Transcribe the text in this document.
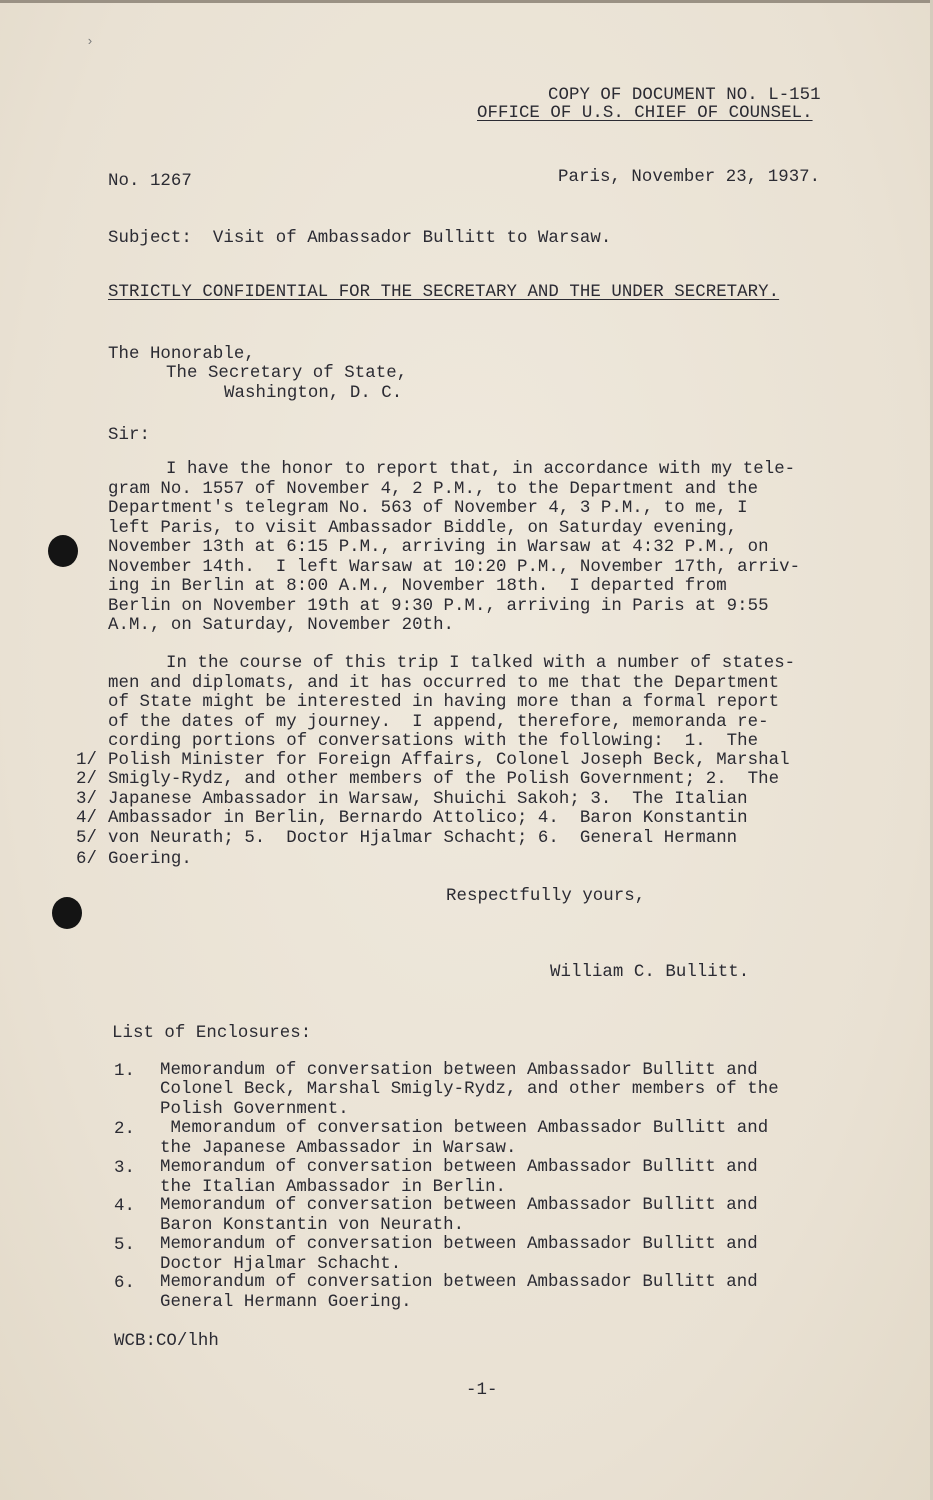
›
COPY OF DOCUMENT NO. L-151
OFFICE OF U.S. CHIEF OF COUNSEL.
No. 1267	Paris, November 23, 1937.
Subject:  Visit of Ambassador Bullitt to Warsaw.
STRICTLY CONFIDENTIAL FOR THE SECRETARY AND THE UNDER SECRETARY.
The Honorable,
The Secretary of State,
Washington, D. C.
Sir:
I have the honor to report that, in accordance with my tele-
gram No. 1557 of November 4, 2 P.M., to the Department and the
Department's telegram No. 563 of November 4, 3 P.M., to me, I
left Paris, to visit Ambassador Biddle, on Saturday evening,
November 13th at 6:15 P.M., arriving in Warsaw at 4:32 P.M., on
November 14th.  I left Warsaw at 10:20 P.M., November 17th, arriv-
ing in Berlin at 8:00 A.M., November 18th.  I departed from
Berlin on November 19th at 9:30 P.M., arriving in Paris at 9:55
A.M., on Saturday, November 20th.
In the course of this trip I talked with a number of states-
men and diplomats, and it has occurred to me that the Department
of State might be interested in having more than a formal report
of the dates of my journey.  I append, therefore, memoranda re-
cording portions of conversations with the following:  1.  The
Polish Minister for Foreign Affairs, Colonel Joseph Beck, Marshal
Smigly-Rydz, and other members of the Polish Government; 2.  The
Japanese Ambassador in Warsaw, Shuichi Sakoh; 3.  The Italian
Ambassador in Berlin, Bernardo Attolico; 4.  Baron Konstantin
von Neurath; 5.  Doctor Hjalmar Schacht; 6.  General Hermann
Goering.
1/
2/
3/
4/
5/
6/
Respectfully yours,
William C. Bullitt.
List of Enclosures:
1. Memorandum of conversation between Ambassador Bullitt and
Colonel Beck, Marshal Smigly-Rydz, and other members of the
Polish Government.
2. Memorandum of conversation between Ambassador Bullitt and
the Japanese Ambassador in Warsaw.
3. Memorandum of conversation between Ambassador Bullitt and
the Italian Ambassador in Berlin.
4. Memorandum of conversation between Ambassador Bullitt and
Baron Konstantin von Neurath.
5. Memorandum of conversation between Ambassador Bullitt and
Doctor Hjalmar Schacht.
6. Memorandum of conversation between Ambassador Bullitt and
General Hermann Goering.
WCB:CO/lhh
-1-
